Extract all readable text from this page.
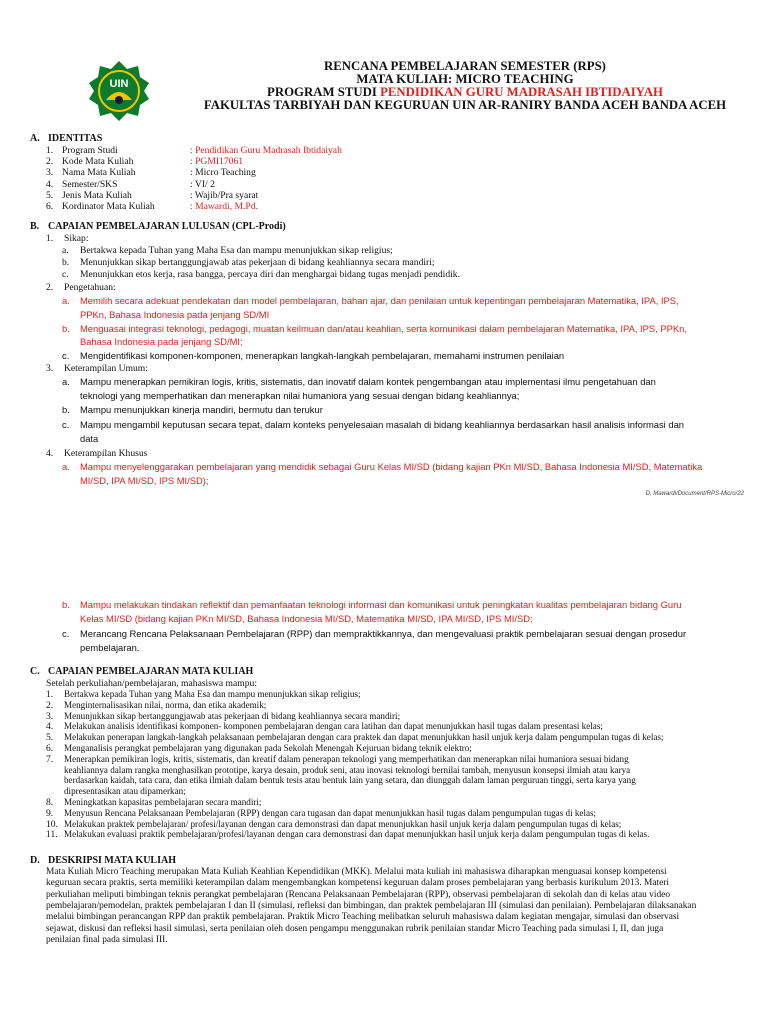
UIN
RENCANA PEMBELAJARAN SEMESTER (RPS)
MATA KULIAH: MICRO TEACHING
PROGRAM STUDI PENDIDIKAN GURU MADRASAH IBTIDAIYAH
FAKULTAS TARBIYAH DAN KEGURUAN UIN AR-RANIRY BANDA ACEH BANDA ACEH
A. IDENTITAS
1. Program Studi	: Pendidikan Guru Madrasah Ibtidaiyah
2. Kode Mata Kuliah	: PGMI17061
3. Nama Mata Kuliah	: Micro Teaching
4. Semester/SKS	: VI/ 2
5. Jenis Mata Kuliah	: Wajib/Pra syarat
6. Kordinator Mata Kuliah	: Mawardi, M.Pd.
B. CAPAIAN PEMBELAJARAN LULUSAN (CPL-Prodi)
1. Sikap:
a. Bertakwa kepada Tuhan yang Maha Esa dan mampu menunjukkan sikap religius;
b. Menunjukkan sikap bertanggungjawab atas pekerjaan di bidang keahliannya secara mandiri;
c. Menunjukkan etos kerja, rasa bangga, percaya diri dan menghargai bidang tugas menjadi pendidik.
2. Pengetahuan:
a. Memilih secara adekuat pendekatan dan model pembelajaran, bahan ajar, dan penilaian untuk kepentingan pembelajaran Matematika, IPA, IPS,
PPKn, Bahasa Indonesia pada jenjang SD/MI
b. Menguasai integrasi teknologi, pedagogi, muatan keilmuan dan/atau keahlian, serta komunikasi dalam pembelajaran Matematika, IPA, IPS, PPKn,
Bahasa Indonesia pada jenjang SD/MI;
c. Mengidentifikasi komponen-komponen, menerapkan langkah-langkah pembelajaran, memahami instrumen penilaian
3. Keterampilan Umum:
a. Mampu menerapkan pemikiran logis, kritis, sistematis, dan inovatif dalam kontek pengembangan atau implementasi ilmu pengetahuan dan
teknologi yang memperhatikan dan menerapkan nilai humaniora yang sesuai dengan bidang keahliannya;
b. Mampu menunjukkan kinerja mandiri, bermutu dan terukur
c. Mampu mengambil keputusan secara tepat, dalam konteks penyelesaian masalah di bidang keahliannya berdasarkan hasil analisis informasi dan
data
4. Keterampilan Khusus
a. Mampu menyelenggarakan pembelajaran yang mendidik sebagai Guru Kelas MI/SD (bidang kajian PKn MI/SD, Bahasa Indonesia MI/SD, Matematika
MI/SD, IPA MI/SD, IPS MI/SD);
D, Mawardi/Document/RPS-Micro/22
b. Mampu melakukan tindakan reflektif dan pemanfaatan teknologi informasi dan komunikasi untuk peningkatan kualitas pembelajaran bidang Guru
Kelas MI/SD (bidang kajian PKn MI/SD, Bahasa Indonesia MI/SD, Matematika MI/SD, IPA MI/SD, IPS MI/SD;
c. Merancang Rencana Pelaksanaan Pembelajaran (RPP) dan mempraktikkannya, dan mengevaluasi praktik pembelajaran sesuai dengan prosedur
pembelajaran.
C. CAPAIAN PEMBELAJARAN MATA KULIAH
Setelah perkuliahan/pembelajaran, mahasiswa mampu:
1. Bertakwa kepada Tuhan yang Maha Esa dan mampu menunjukkan sikap religius;
2. Menginternalisasikan nilai, norma, dan etika akademik;
3. Menunjukkan sikap bertanggungjawab atas pekerjaan di bidang keahliannya secara mandiri;
4. Melakukan analisis identifikasi komponen- komponen pembelajaran dengan cara latihan dan dapat menunjukkan hasil tugas dalam presentasi kelas;
5. Melakukan penerapan langkah-langkah pelaksanaan pembelajaran dengan cara praktek dan dapat menunjukkan hasil unjuk kerja dalam pengumpulan tugas di kelas;
6. Menganalisis perangkat pembelajaran yang digunakan pada Sekolah Menengah Kejuruan bidang teknik elektro;
7. Menerapkan pemikiran logis, kritis, sistematis, dan kreatif dalam penerapan teknologi yang memperhatikan dan menerapkan nilai humaniora sesuai bidang
keahliannya dalam rangka menghasilkan prototipe, karya desain, produk seni, atau inovasi teknologi bernilai tambah, menyusun konsepsi ilmiah atau karya
berdasarkan kaidah, tata cara, dan etika ilmiah dalam bentuk tesis atau bentuk lain yang setara, dan diunggah dalam laman perguruan tinggi, serta karya yang
dipresentasikan atau dipamerkan;
8. Meningkatkan kapasitas pembelajaran secara mandiri;
9. Menyusun Rencana Pelaksanaan Pembelajaran (RPP) dengan cara tugasan dan dapat menunjukkan hasil tugas dalam pengumpulan tugas di kelas;
10. Melakukan praktek pembelajaran/ profesi/layanan dengan cara demonstrasi dan dapat menunjukkan hasil unjuk kerja dalam pengumpulan tugas di kelas;
11. Melakukan evaluasi praktik pembelajaran/profesi/layanan dengan cara demonstrasi dan dapat menunjukkan hasil unjuk kerja dalam pengumpulan tugas di kelas.
D. DESKRIPSI MATA KULIAH
Mata Kuliah Micro Teaching merupakan Mata Kuliah Keahlian Kependidikan (MKK). Melalui mata kuliah ini mahasiswa diharapkan menguasai konsep kompetensi
keguruan secara praktis, serta memiliki keterampilan dalam mengembangkan kompetensi keguruan dalam proses pembelajaran yang berbasis kurikulum 2013. Materi
perkuliahan meliputi bimbingan teknis perangkat pembelajaran (Rencana Pelaksanaan Pembelajaran (RPP), observasi pembelajaran di sekolah dan di kelas atau video
pembelajaran/pemodelan, praktek pembelajaran I dan II (simulasi, refleksi dan bimbingan, dan praktek pembelajaran III (simulasi dan penilaian). Pembelajaran dilaksanakan
melalui bimbingan perancangan RPP dan praktik pembelajaran. Praktik Micro Teaching melibatkan seluruh mahasiswa dalam kegiatan mengajar, simulasi dan observasi
sejawat, diskusi dan refleksi hasil simulasi, serta penilaian oleh dosen pengampu menggunakan rubrik penilaian standar Micro Teaching pada simulasi I, II, dan juga
penilaian final pada simulasi III.
